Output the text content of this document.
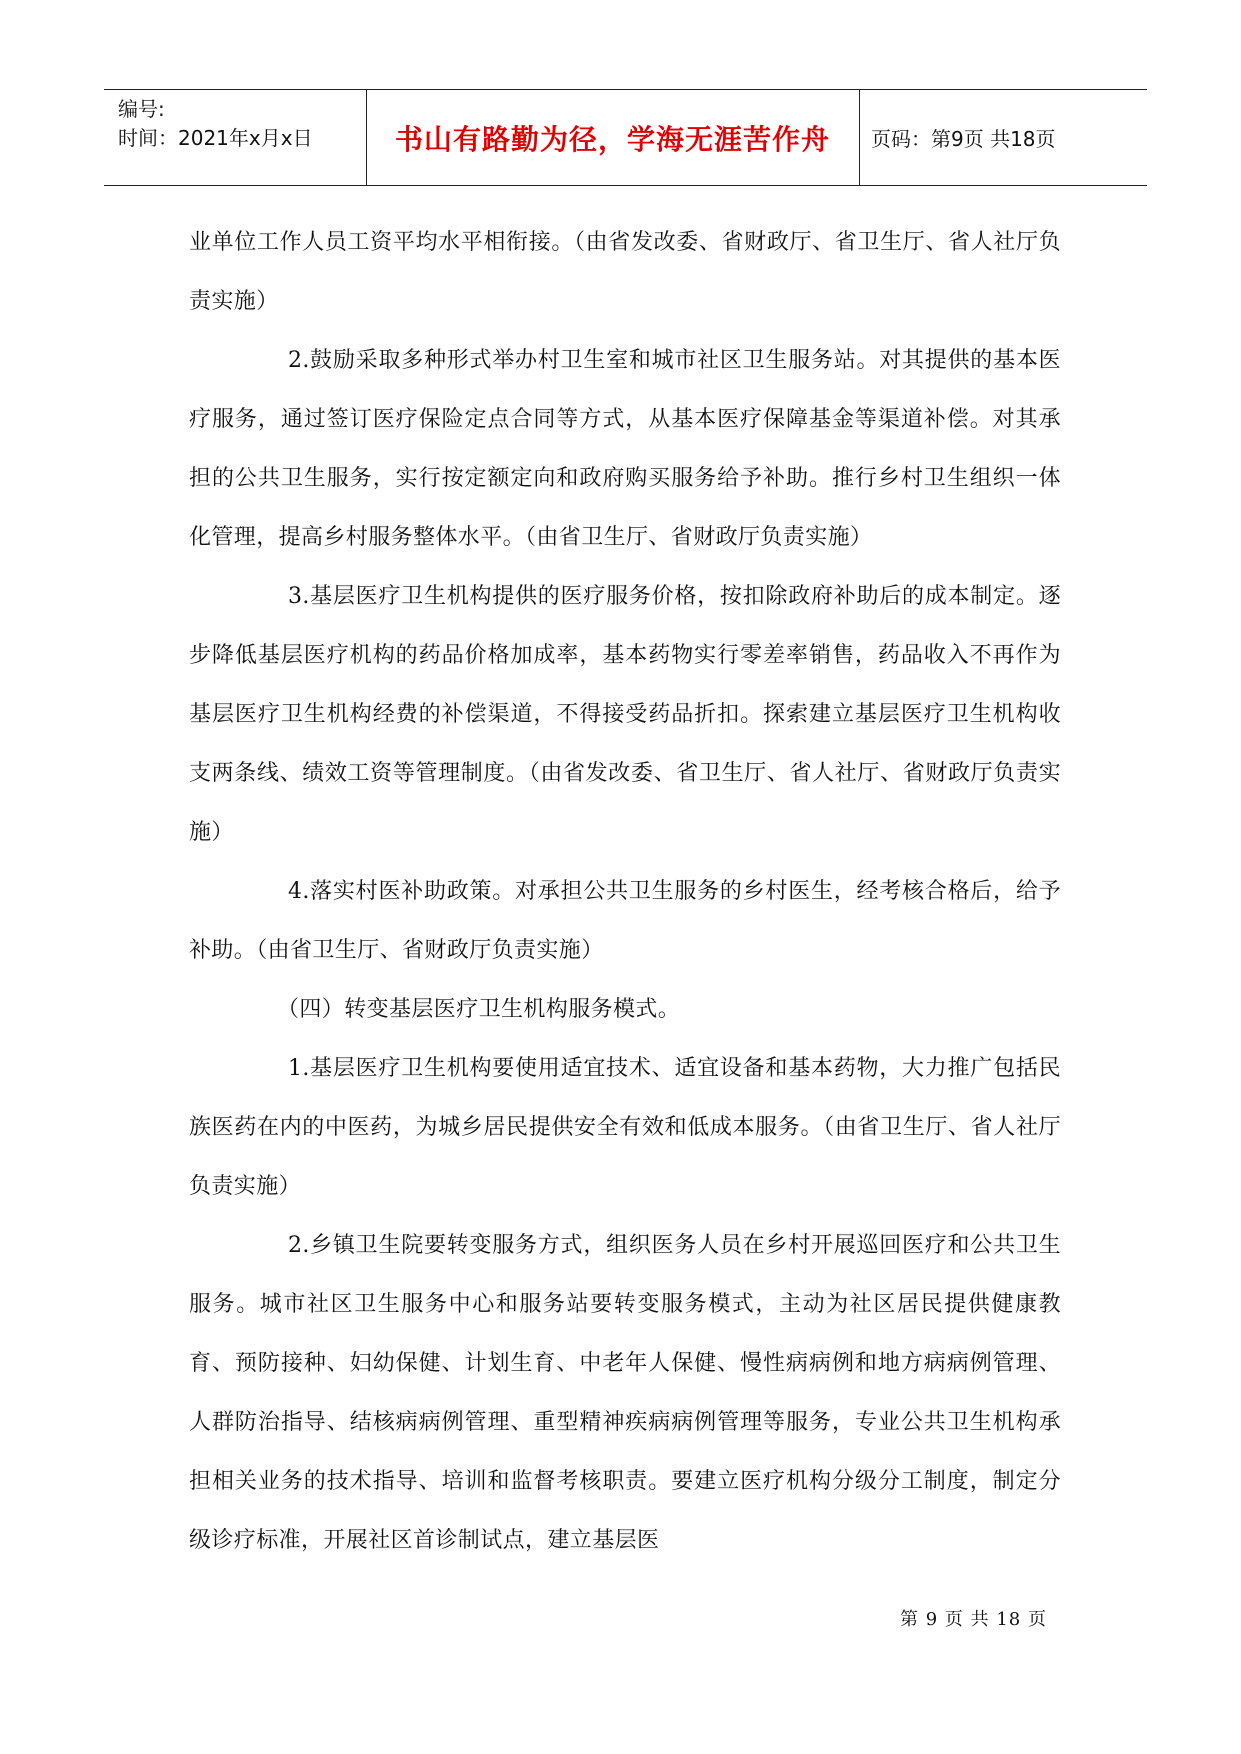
编号:
时间：2021年x月x日	书山有路勤为径，学海无涯苦作舟	页码：第9页 共18页

业单位工作人员工资平均水平相衔接。（由省发改委、省财政厅、省卫生厅、省人社厅负责实施）

2.鼓励采取多种形式举办村卫生室和城市社区卫生服务站。对其提供的基本医疗服务，通过签订医疗保险定点合同等方式，从基本医疗保障基金等渠道补偿。对其承担的公共卫生服务，实行按定额定向和政府购买服务给予补助。推行乡村卫生组织一体化管理，提高乡村服务整体水平。（由省卫生厅、省财政厅负责实施）

3.基层医疗卫生机构提供的医疗服务价格，按扣除政府补助后的成本制定。逐步降低基层医疗机构的药品价格加成率，基本药物实行零差率销售，药品收入不再作为基层医疗卫生机构经费的补偿渠道，不得接受药品折扣。探索建立基层医疗卫生机构收支两条线、绩效工资等管理制度。（由省发改委、省卫生厅、省人社厅、省财政厅负责实施）

4.落实村医补助政策。对承担公共卫生服务的乡村医生，经考核合格后，给予补助。（由省卫生厅、省财政厅负责实施）

（四）转变基层医疗卫生机构服务模式。

1.基层医疗卫生机构要使用适宜技术、适宜设备和基本药物，大力推广包括民族医药在内的中医药，为城乡居民提供安全有效和低成本服务。（由省卫生厅、省人社厅负责实施）

2.乡镇卫生院要转变服务方式，组织医务人员在乡村开展巡回医疗和公共卫生服务。城市社区卫生服务中心和服务站要转变服务模式，主动为社区居民提供健康教育、预防接种、妇幼保健、计划生育、中老年人保健、慢性病病例和地方病病例管理、人群防治指导、结核病病例管理、重型精神疾病病例管理等服务，专业公共卫生机构承担相关业务的技术指导、培训和监督考核职责。要建立医疗机构分级分工制度，制定分级诊疗标准，开展社区首诊制试点，建立基层医

第 9 页 共 18 页
